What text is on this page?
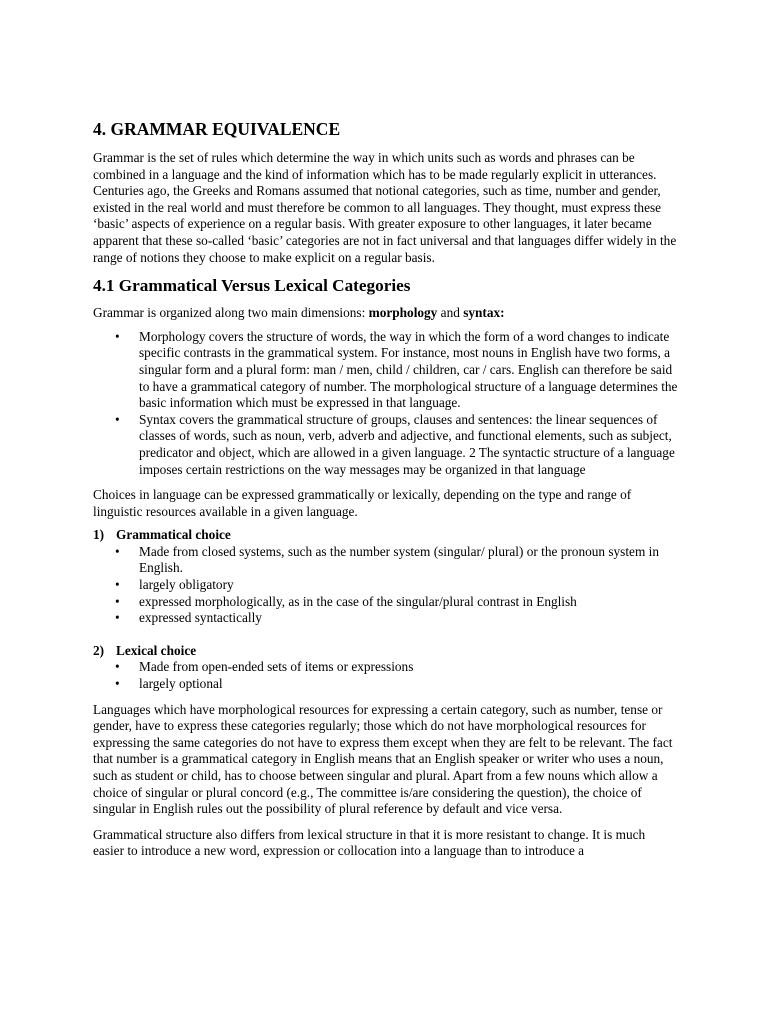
4. GRAMMAR EQUIVALENCE

Grammar is the set of rules which determine the way in which units such as words and phrases can be combined in a language and the kind of information which has to be made regularly explicit in utterances. Centuries ago, the Greeks and Romans assumed that notional categories, such as time, number and gender, existed in the real world and must therefore be common to all languages. They thought, must express these ‘basic’ aspects of experience on a regular basis. With greater exposure to other languages, it later became apparent that these so-called ‘basic’ categories are not in fact universal and that languages differ widely in the range of notions they choose to make explicit on a regular basis.

4.1 Grammatical Versus Lexical Categories

Grammar is organized along two main dimensions: morphology and syntax:

• Morphology covers the structure of words, the way in which the form of a word changes to indicate specific contrasts in the grammatical system. For instance, most nouns in English have two forms, a singular form and a plural form: man / men, child / children, car / cars. English can therefore be said to have a grammatical category of number. The morphological structure of a language determines the basic information which must be expressed in that language.
• Syntax covers the grammatical structure of groups, clauses and sentences: the linear sequences of classes of words, such as noun, verb, adverb and adjective, and functional elements, such as subject, predicator and object, which are allowed in a given language. 2 The syntactic structure of a language imposes certain restrictions on the way messages may be organized in that language

Choices in language can be expressed grammatically or lexically, depending on the type and range of linguistic resources available in a given language.

1) Grammatical choice
• Made from closed systems, such as the number system (singular/ plural) or the pronoun system in English.
• largely obligatory
• expressed morphologically, as in the case of the singular/plural contrast in English
• expressed syntactically
2) Lexical choice
• Made from open-ended sets of items or expressions
• largely optional

Languages which have morphological resources for expressing a certain category, such as number, tense or gender, have to express these categories regularly; those which do not have morphological resources for expressing the same categories do not have to express them except when they are felt to be relevant. The fact that number is a grammatical category in English means that an English speaker or writer who uses a noun, such as student or child, has to choose between singular and plural. Apart from a few nouns which allow a choice of singular or plural concord (e.g., The committee is/are considering the question), the choice of singular in English rules out the possibility of plural reference by default and vice versa.

Grammatical structure also differs from lexical structure in that it is more resistant to change. It is much easier to introduce a new word, expression or collocation into a language than to introduce a
